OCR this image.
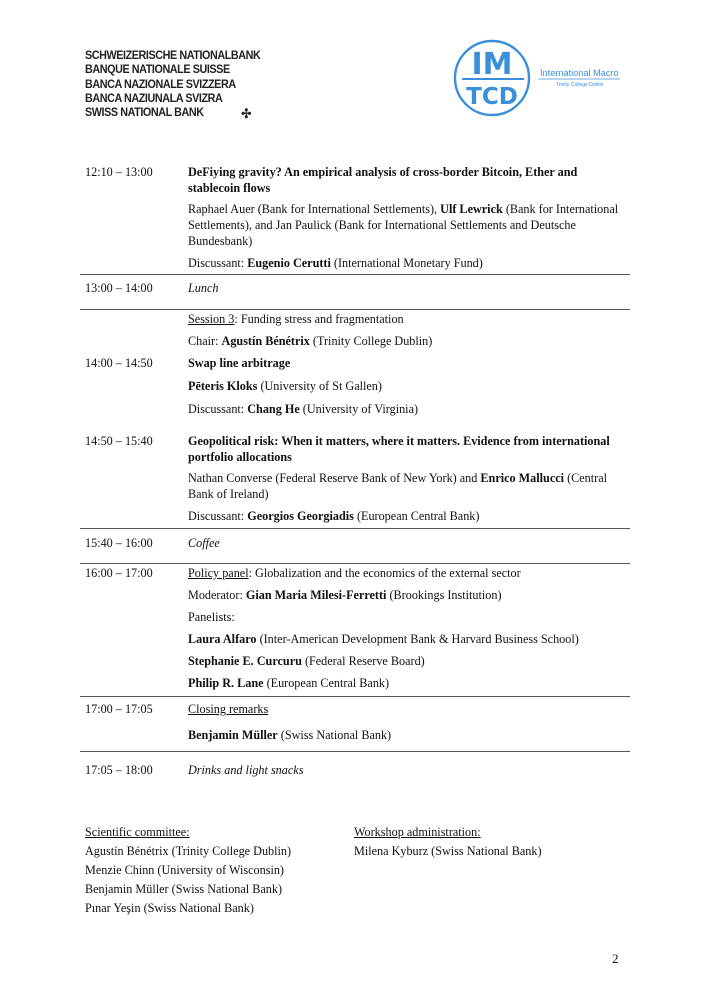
SCHWEIZERISCHE NATIONALBANK
BANQUE NATIONALE SUISSE
BANCA NAZIONALE SVIZZERA
BANCA NAZIUNALA SVIZRA
SWISS NATIONAL BANK	✣
IM
TCD
International Macro
Trinity College Dublin
12:10 – 13:00	DeFiying gravity? An empirical analysis of cross-border Bitcoin, Ether and stablecoin flows

Raphael Auer (Bank for International Settlements), Ulf Lewrick (Bank for International Settlements), and Jan Paulick (Bank for International Settlements and Deutsche Bundesbank)

Discussant: Eugenio Cerutti (International Monetary Fund)

13:00 – 14:00	Lunch

Session 3: Funding stress and fragmentation

Chair: Agustín Bénétrix (Trinity College Dublin)

14:00 – 14:50	Swap line arbitrage

Pēteris Kloks (University of St Gallen)

Discussant: Chang He (University of Virginia)

14:50 – 15:40	Geopolitical risk: When it matters, where it matters. Evidence from international portfolio allocations

Nathan Converse (Federal Reserve Bank of New York) and Enrico Mallucci (Central Bank of Ireland)

Discussant: Georgios Georgiadis (European Central Bank)

15:40 – 16:00	Coffee
16:00 – 17:00	Policy panel: Globalization and the economics of the external sector

Moderator: Gian Maria Milesi-Ferretti (Brookings Institution)

Panelists:

Laura Alfaro (Inter-American Development Bank & Harvard Business School)

Stephanie E. Curcuru (Federal Reserve Board)

Philip R. Lane (European Central Bank)

17:00 – 17:05	Closing remarks

Benjamin Müller (Swiss National Bank)

17:05 – 18:00	Drinks and light snacks
Scientific committee:
Agustín Bénétrix (Trinity College Dublin)
Menzie Chinn (University of Wisconsin)
Benjamin Müller (Swiss National Bank)
Pınar Yeşin (Swiss National Bank)
Workshop administration:
Milena Kyburz (Swiss National Bank)
2
